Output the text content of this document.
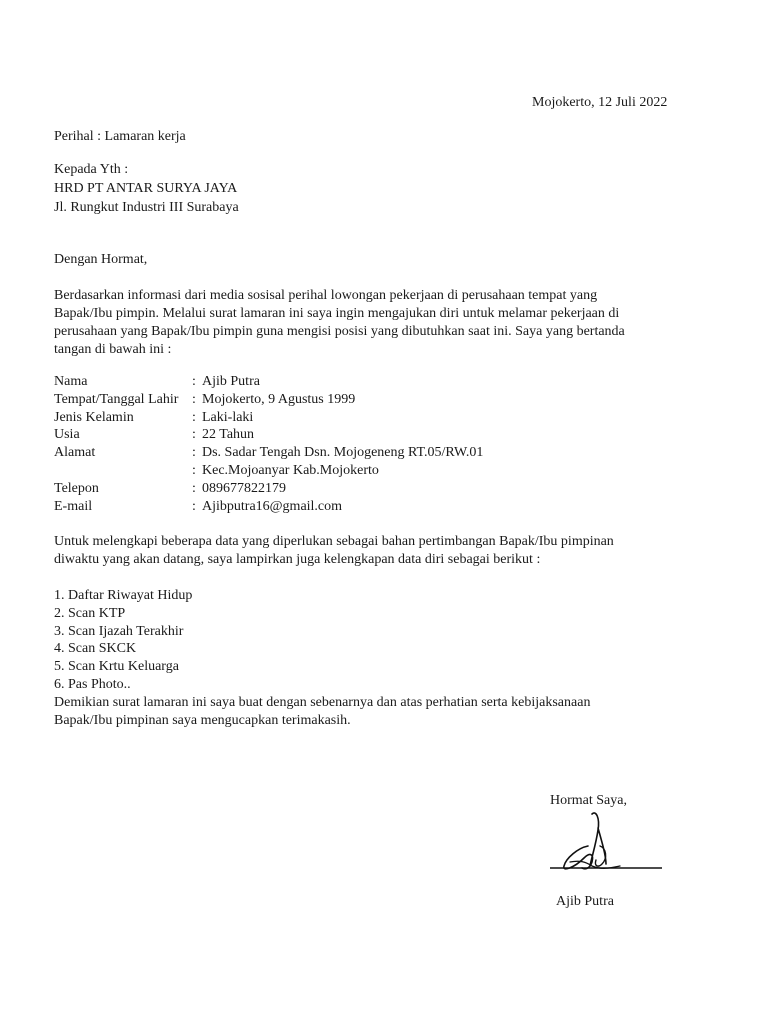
Mojokerto, 12 Juli 2022
Perihal : Lamaran kerja
Kepada Yth :
HRD PT ANTAR SURYA JAYA
Jl. Rungkut Industri III Surabaya
Dengan Hormat,
Berdasarkan informasi dari media sosisal perihal lowongan pekerjaan di perusahaan tempat yang
Bapak/Ibu pimpin. Melalui surat lamaran ini saya ingin mengajukan diri untuk melamar pekerjaan di
perusahaan yang Bapak/Ibu pimpin guna mengisi posisi yang dibutuhkan saat ini. Saya yang bertanda
tangan di bawah ini :
Nama	: Ajib Putra
Tempat/Tanggal Lahir : Mojokerto, 9 Agustus 1999
Jenis Kelamin	: Laki-laki
Usia	: 22 Tahun
Alamat	: Ds. Sadar Tengah Dsn. Mojogeneng RT.05/RW.01
: Kec.Mojoanyar Kab.Mojokerto
Telepon	: 089677822179
E-mail	: Ajibputra16@gmail.com
Untuk melengkapi beberapa data yang diperlukan sebagai bahan pertimbangan Bapak/Ibu pimpinan
diwaktu yang akan datang, saya lampirkan juga kelengkapan data diri sebagai berikut :
1. Daftar Riwayat Hidup
2. Scan KTP
3. Scan Ijazah Terakhir
4. Scan SKCK
5. Scan Krtu Keluarga
6. Pas Photo..
Demikian surat lamaran ini saya buat dengan sebenarnya dan atas perhatian serta kebijaksanaan
Bapak/Ibu pimpinan saya mengucapkan terimakasih.
Hormat Saya,
Ajib Putra
